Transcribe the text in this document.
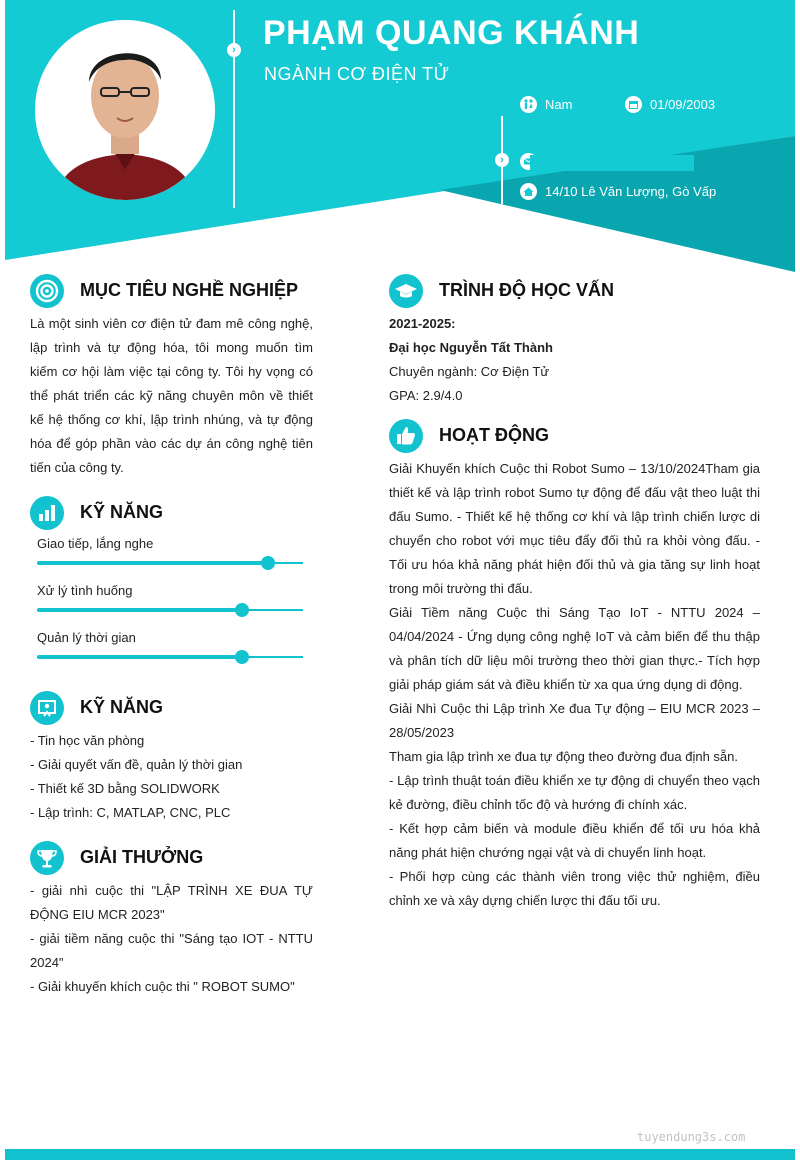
› PHẠM QUANG KHÁNH
NGÀNH CƠ ĐIỆN TỬ
›
Nam	01/09/2003
14/10 Lê Văn Lượng, Gò Vấp
MỤC TIÊU NGHỀ NGHIỆP

Là một sinh viên cơ điện tử đam mê công nghệ, lập trình và tự động hóa, tôi mong muốn tìm kiếm cơ hội làm việc tại công ty. Tôi hy vọng có thể phát triển các kỹ năng chuyên môn về thiết kế hệ thống cơ khí, lập trình nhúng, và tự động hóa để góp phần vào các dự án công nghệ tiên tiến của công ty.

KỸ NĂNG
Giao tiếp, lắng nghe
Xử lý tình huống
Quản lý thời gian
KỸ NĂNG
- Tin học văn phòng
- Giải quyết vấn đề, quản lý thời gian
- Thiết kế 3D bằng SOLIDWORK
- Lập trình: C, MATLAP, CNC, PLC
GIẢI THƯỞNG
- giải nhì cuộc thi "LẬP TRÌNH XE ĐUA TỰ ĐỘNG EIU MCR 2023"
- giải tiềm năng cuộc thi "Sáng tạo IOT - NTTU 2024"
- Giải khuyến khích cuộc thi " ROBOT SUMO"
TRÌNH ĐỘ HỌC VẤN
2021-2025:
Đại học Nguyễn Tất Thành
Chuyên ngành: Cơ Điện Tử
GPA: 2.9/4.0
HOẠT ĐỘNG

Giải Khuyến khích Cuộc thi Robot Sumo – 13/10/2024Tham gia thiết kế và lập trình robot Sumo tự động để đấu vật theo luật thi đấu Sumo. - Thiết kế hệ thống cơ khí và lập trình chiến lược di chuyển cho robot với mục tiêu đẩy đối thủ ra khỏi vòng đấu. - Tối ưu hóa khả năng phát hiện đối thủ và gia tăng sự linh hoạt trong môi trường thi đấu.

Giải Tiềm năng Cuộc thi Sáng Tạo IoT - NTTU 2024 – 04/04/2024 - Ứng dụng công nghệ IoT và cảm biến để thu thập và phân tích dữ liệu môi trường theo thời gian thực.- Tích hợp giải pháp giám sát và điều khiển từ xa qua ứng dụng di động.

Giải Nhì Cuộc thi Lập trình Xe đua Tự động – EIU MCR 2023 – 28/05/2023

Tham gia lập trình xe đua tự động theo đường đua định sẵn.

- Lập trình thuật toán điều khiển xe tự động di chuyển theo vạch kẻ đường, điều chỉnh tốc độ và hướng đi chính xác.

- Kết hợp cảm biến và module điều khiển để tối ưu hóa khả năng phát hiện chướng ngại vật và di chuyển linh hoạt.

- Phối hợp cùng các thành viên trong việc thử nghiệm, điều chỉnh xe và xây dựng chiến lược thi đấu tối ưu.

tuyendung3s.com
